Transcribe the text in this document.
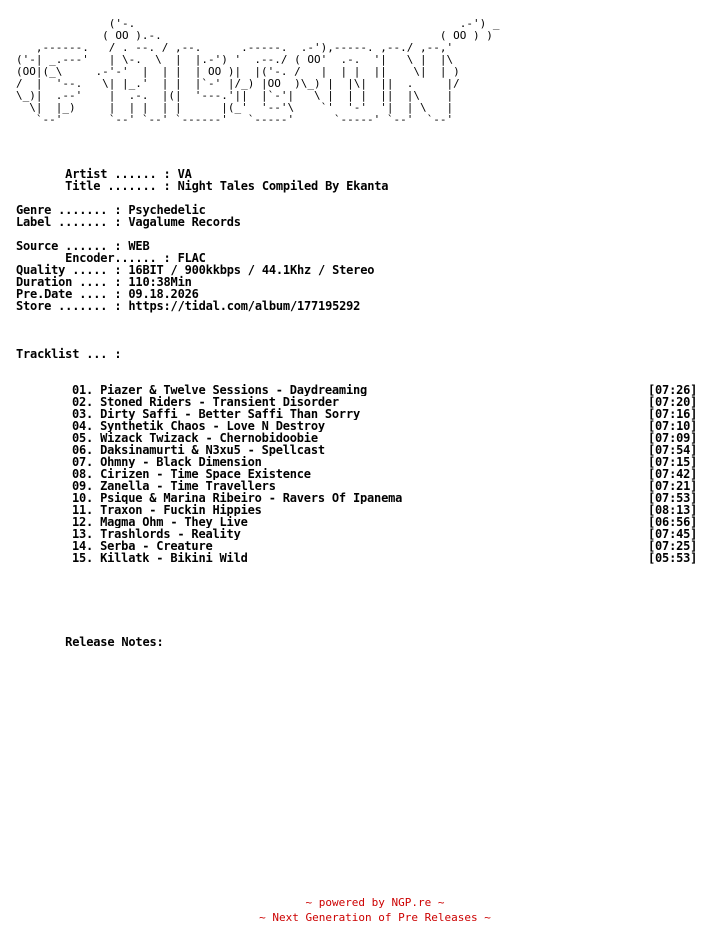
('-.                                                 .-') _
( OO ).-.                                          ( OO ) )
,------.   / . --. / ,--.      .-----.  .-'),-----. ,--./ ,--,'
('-| _.---'   | \-.  \  |  |.-') '  .--./ ( OO'  .-.  '|   \ |  |\
(OO|(_\     .-'-'  |  | |  | OO )|  |('-. /   |  | |  ||    \|  | )
/  |  '--.   \| |_.'  | |  |`-' |/_) |OO  )\_) |  |\|  ||  .     |/
\_)|  .--'    |  .-.  |(|  '---.'||  |`-'|   \ |  | |  ||  |\    |
\|  |_)     |  | |  | |      |(_'  '--'\    `'  '-'  '|  | \   |
`--'       `--' `--' `------'   `-----'      `-----' `--'  `--'
Artist ...... : VA
Title ....... : Night Tales Compiled By Ekanta
Genre ....... : Psychedelic
Label ....... : Vagalume Records
Source ...... : WEB
Encoder...... : FLAC
Quality ..... : 16BIT / 900kkbps / 44.1Khz / Stereo
Duration .... : 110:38Min
Pre.Date .... : 09.18.2026
Store ....... : https://tidal.com/album/177195292
Tracklist ... :
01. Piazer & Twelve Sessions - Daydreaming	[07:26]
02. Stoned Riders - Transient Disorder	[07:20]
03. Dirty Saffi - Better Saffi Than Sorry	[07:16]
04. Synthetik Chaos - Love N Destroy	[07:10]
05. Wizack Twizack - Chernobidoobie	[07:09]
06. Daksinamurti & N3xu5 - Spellcast	[07:54]
07. Ohmny - Black Dimension	[07:15]
08. Cirizen - Time Space Existence	[07:42]
09. Zanella - Time Travellers	[07:21]
10. Psique & Marina Ribeiro - Ravers Of Ipanema	[07:53]
11. Traxon - Fuckin Hippies	[08:13]
12. Magma Ohm - They Live	[06:56]
13. Trashlords - Reality	[07:45]
14. Serba - Creature	[07:25]
15. Killatk - Bikini Wild	[05:53]
Release Notes:
~ powered by NGP.re ~
~ Next Generation of Pre Releases ~
